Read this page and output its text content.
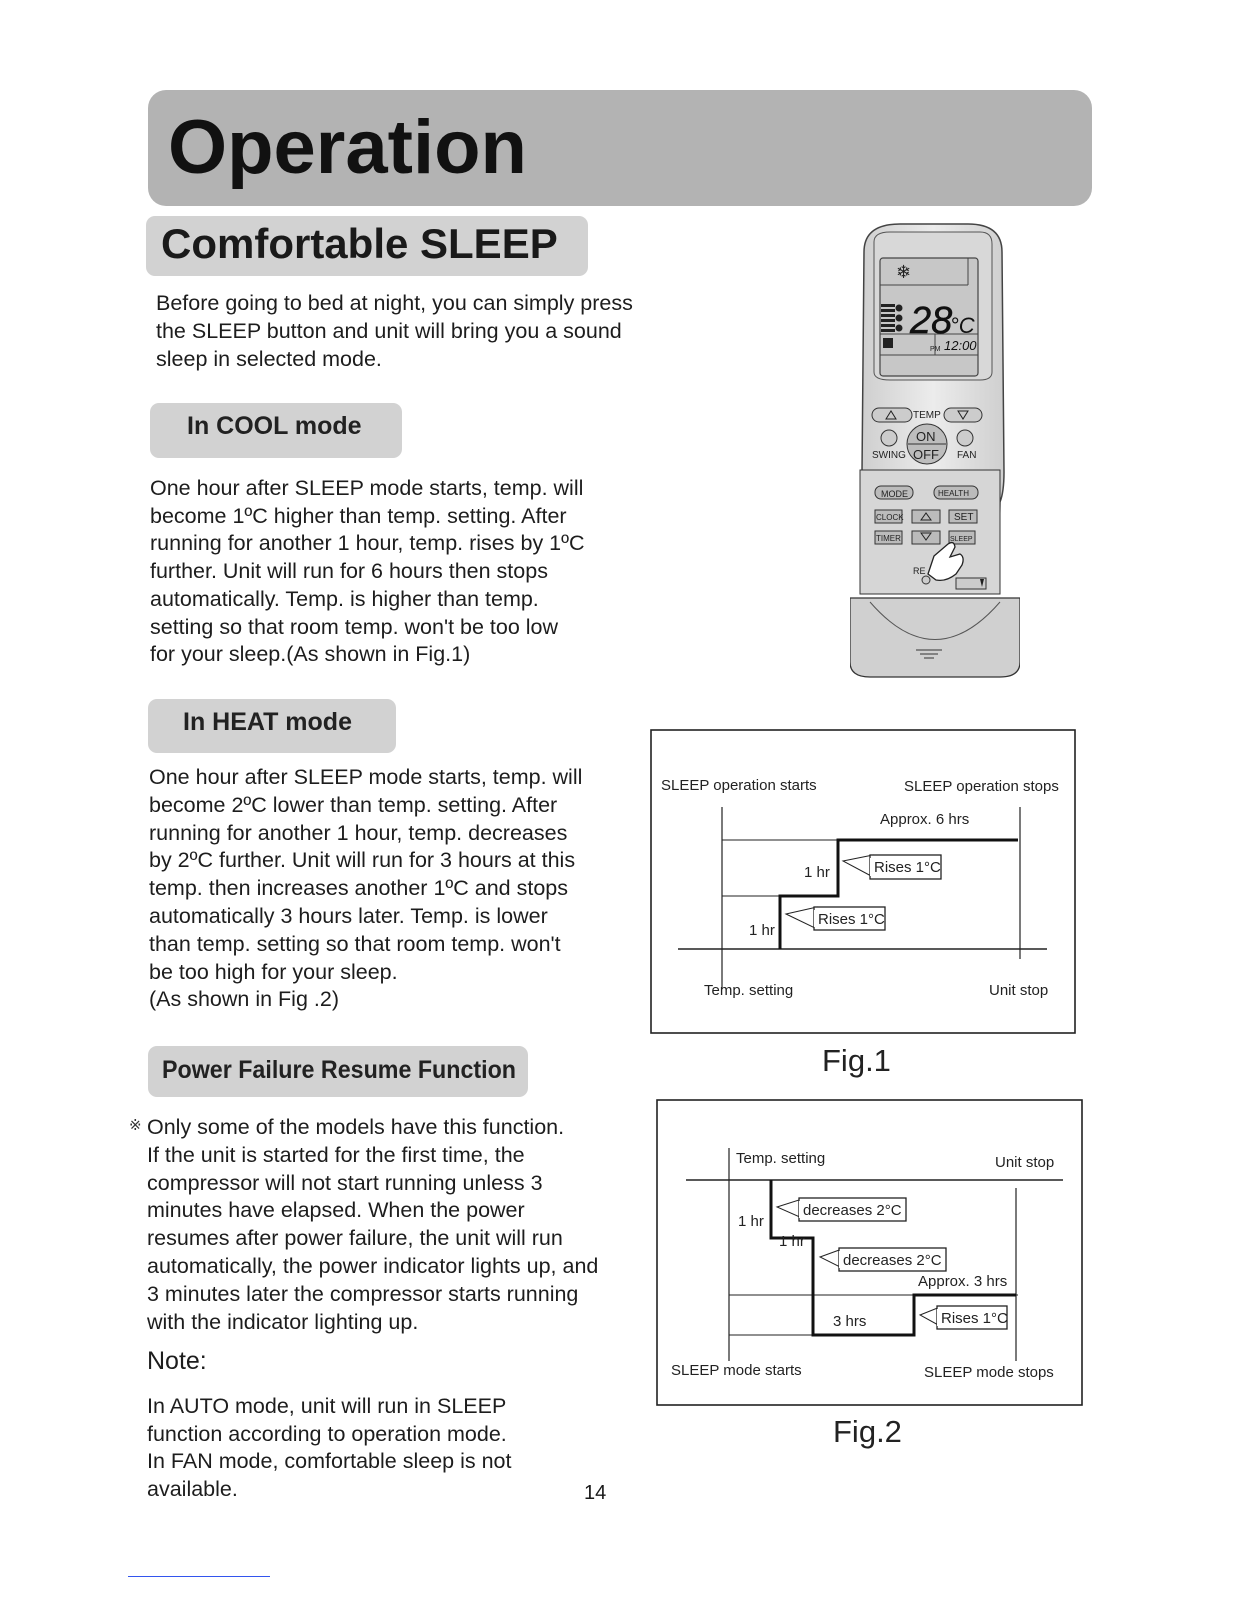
Operation
Comfortable SLEEP

Before going to bed at night, you can simply press

the SLEEP button and unit will bring you a sound

sleep in selected mode.

In COOL mode

One hour after SLEEP mode starts, temp. will

become 1ºC higher than temp. setting. After

running for another 1 hour, temp. rises by 1ºC

further. Unit will run for 6 hours then stops

automatically. Temp. is higher than temp.

setting so that room temp. won't be too low

for your sleep.(As shown in Fig.1)

In HEAT mode

One hour after SLEEP mode starts, temp. will

become 2ºC lower than temp. setting. After

running for another 1 hour, temp. decreases

by 2ºC further. Unit will run for 3 hours at this

temp. then increases another 1ºC and stops

automatically 3 hours later. Temp. is lower

than temp. setting so that room temp. won't

be too high for your sleep.

(As shown in Fig .2)

Power Failure Resume Function
※ Only some of the models have this function.

If the unit is started for the first time, the

compressor will not start running unless 3

minutes have elapsed. When the power

resumes after power failure, the unit will run

automatically, the power indicator lights up, and

3 minutes later the compressor starts running

with the indicator lighting up.

Note:

In AUTO mode, unit will run in SLEEP

function according to operation mode.

In FAN mode, comfortable sleep is not

available.	14
❄
28
°C
PM 12:00
TEMP
ON
OFF
SWING	FAN
MODE	HEALTH
CLOCK	SET
TIMER	SLEEP
RE
SLEEP operation starts	SLEEP operation stops
Approx. 6 hrs
1 hr
1 hr
Rises 1°C
Rises 1°C
Temp. setting	Unit stop
Fig.1
Temp. setting	Unit stop
1 hr
1 hr
decreases 2°C
decreases 2°C
Approx. 3 hrs
3 hrs	Rises 1°C
SLEEP mode starts	SLEEP mode stops
Fig.2
